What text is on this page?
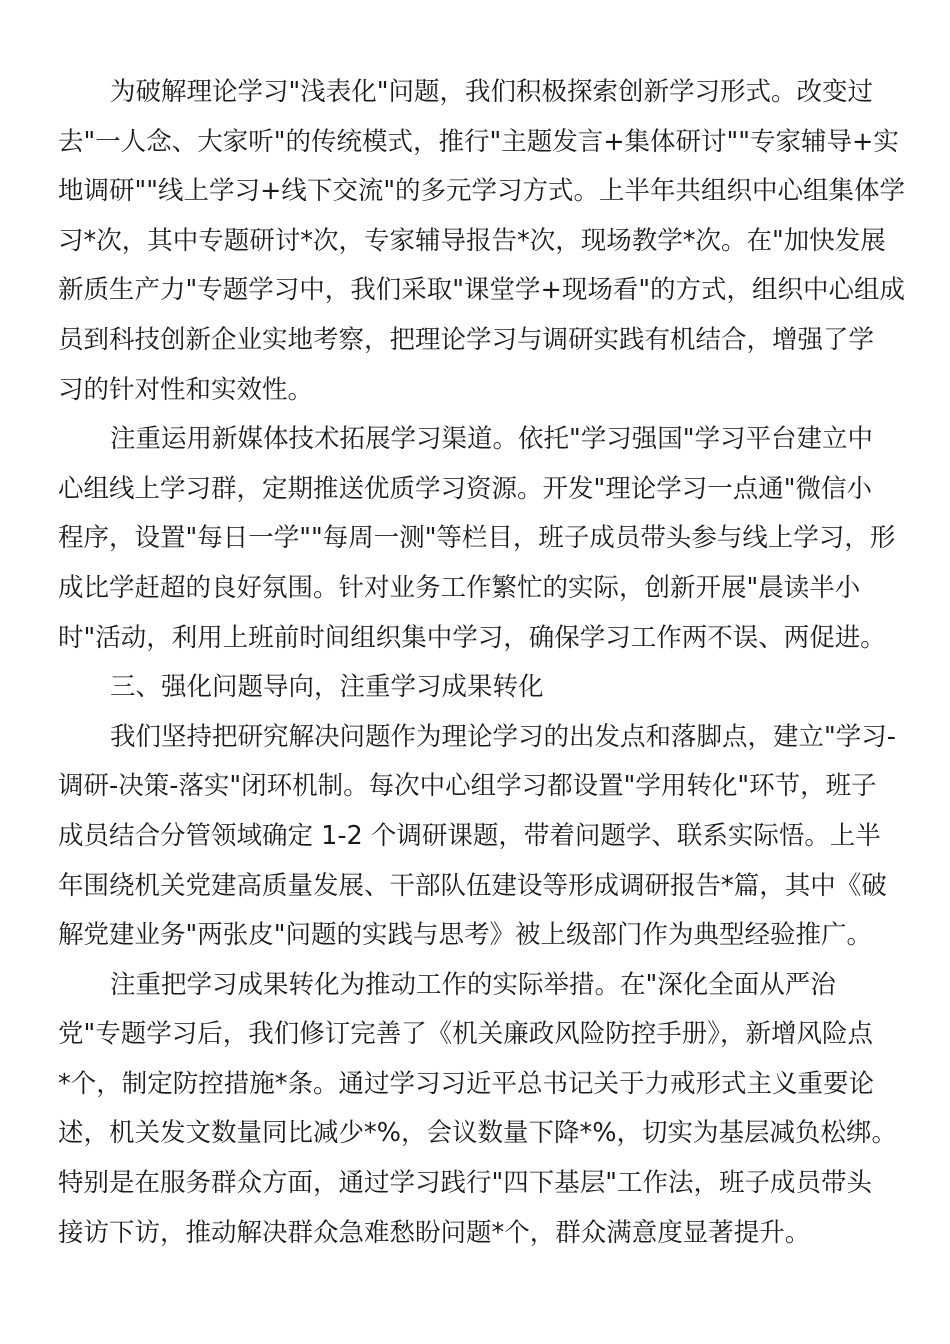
为破解理论学习"浅表化"问题，我们积极探索创新学习形式。改变过
去"一人念、大家听"的传统模式，推行"主题发言+集体研讨""专家辅导+实
地调研""线上学习+线下交流"的多元学习方式。上半年共组织中心组集体学
习*次，其中专题研讨*次，专家辅导报告*次，现场教学*次。在"加快发展
新质生产力"专题学习中，我们采取"课堂学+现场看"的方式，组织中心组成
员到科技创新企业实地考察，把理论学习与调研实践有机结合，增强了学
习的针对性和实效性。
注重运用新媒体技术拓展学习渠道。依托"学习强国"学习平台建立中
心组线上学习群，定期推送优质学习资源。开发"理论学习一点通"微信小
程序，设置"每日一学""每周一测"等栏目，班子成员带头参与线上学习，形
成比学赶超的良好氛围。针对业务工作繁忙的实际，创新开展"晨读半小
时"活动，利用上班前时间组织集中学习，确保学习工作两不误、两促进。
三、强化问题导向，注重学习成果转化
我们坚持把研究解决问题作为理论学习的出发点和落脚点，建立"学习-
调研-决策-落实"闭环机制。每次中心组学习都设置"学用转化"环节，班子
成员结合分管领域确定 1-2 个调研课题，带着问题学、联系实际悟。上半
年围绕机关党建高质量发展、干部队伍建设等形成调研报告*篇，其中《破
解党建业务"两张皮"问题的实践与思考》被上级部门作为典型经验推广。
注重把学习成果转化为推动工作的实际举措。在"深化全面从严治
党"专题学习后，我们修订完善了《机关廉政风险防控手册》，新增风险点
*个，制定防控措施*条。通过学习习近平总书记关于力戒形式主义重要论
述，机关发文数量同比减少*%，会议数量下降*%，切实为基层减负松绑。
特别是在服务群众方面，通过学习践行"四下基层"工作法，班子成员带头
接访下访，推动解决群众急难愁盼问题*个，群众满意度显著提升。
